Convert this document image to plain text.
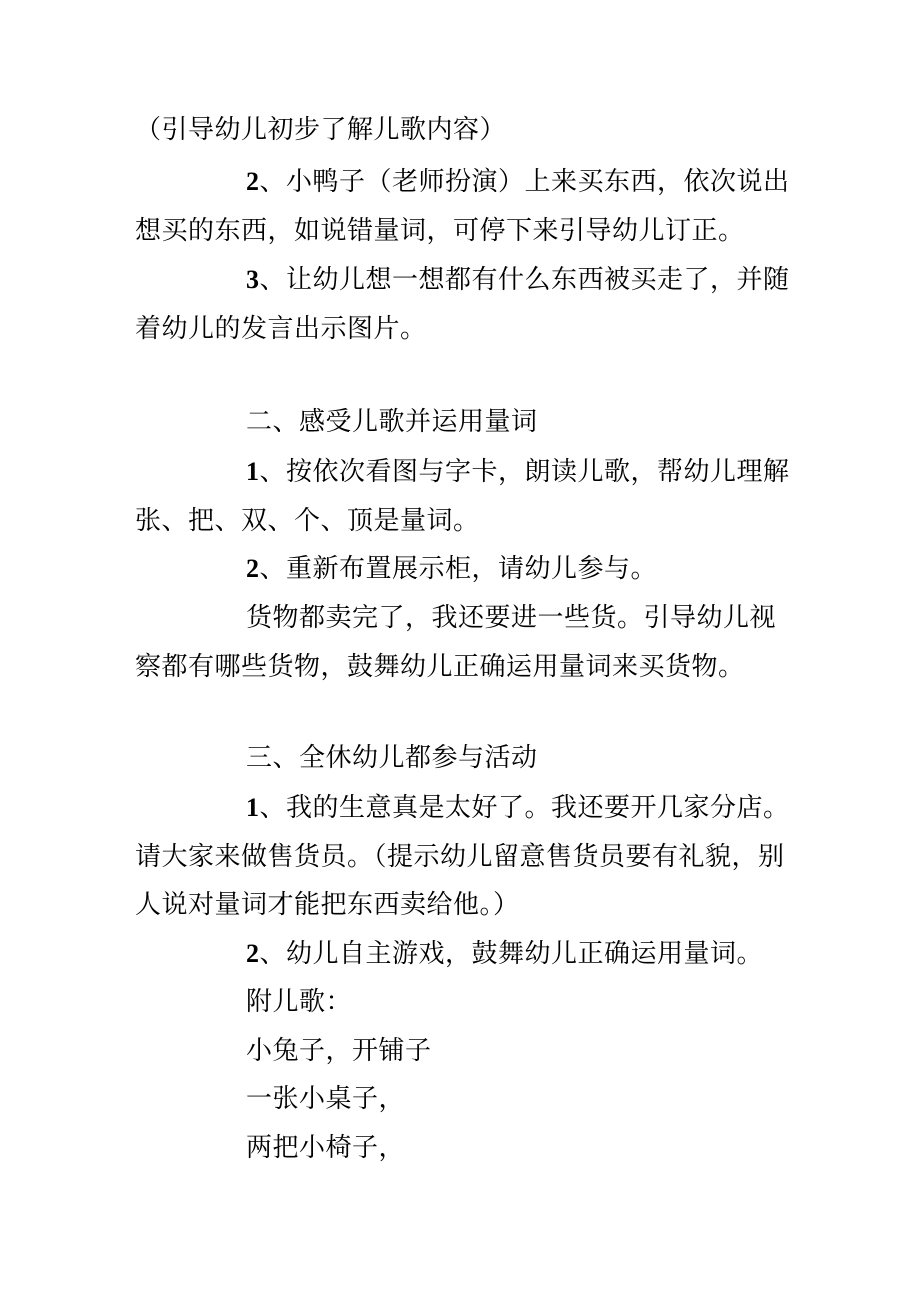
（引导幼儿初步了解儿歌内容）
2、小鸭子（老师扮演）上来买东西，依次说出
想买的东西，如说错量词，可停下来引导幼儿订正。
3、让幼儿想一想都有什么东西被买走了，并随
着幼儿的发言出示图片。
二、感受儿歌并运用量词
1、按依次看图与字卡，朗读儿歌，帮幼儿理解
张、把、双、个、顶是量词。
2、重新布置展示柜，请幼儿参与。
货物都卖完了，我还要进一些货。引导幼儿视
察都有哪些货物，鼓舞幼儿正确运用量词来买货物。
三、全休幼儿都参与活动
1、我的生意真是太好了。我还要开几家分店。
请大家来做售货员。（提示幼儿留意售货员要有礼貌，别
人说对量词才能把东西卖给他。）
2、幼儿自主游戏，鼓舞幼儿正确运用量词。
附儿歌：
小兔子，开铺子
一张小桌子，
两把小椅子，
